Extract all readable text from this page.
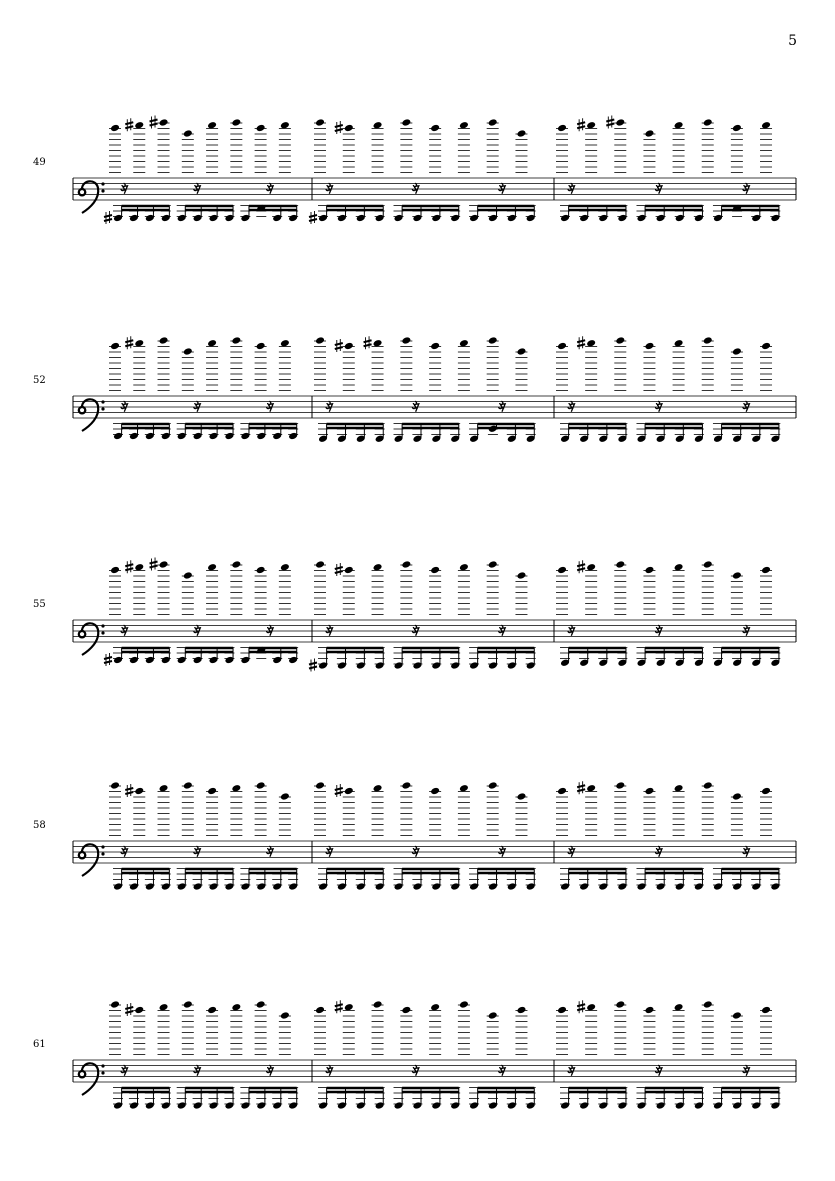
5
49
52
55
58
61
